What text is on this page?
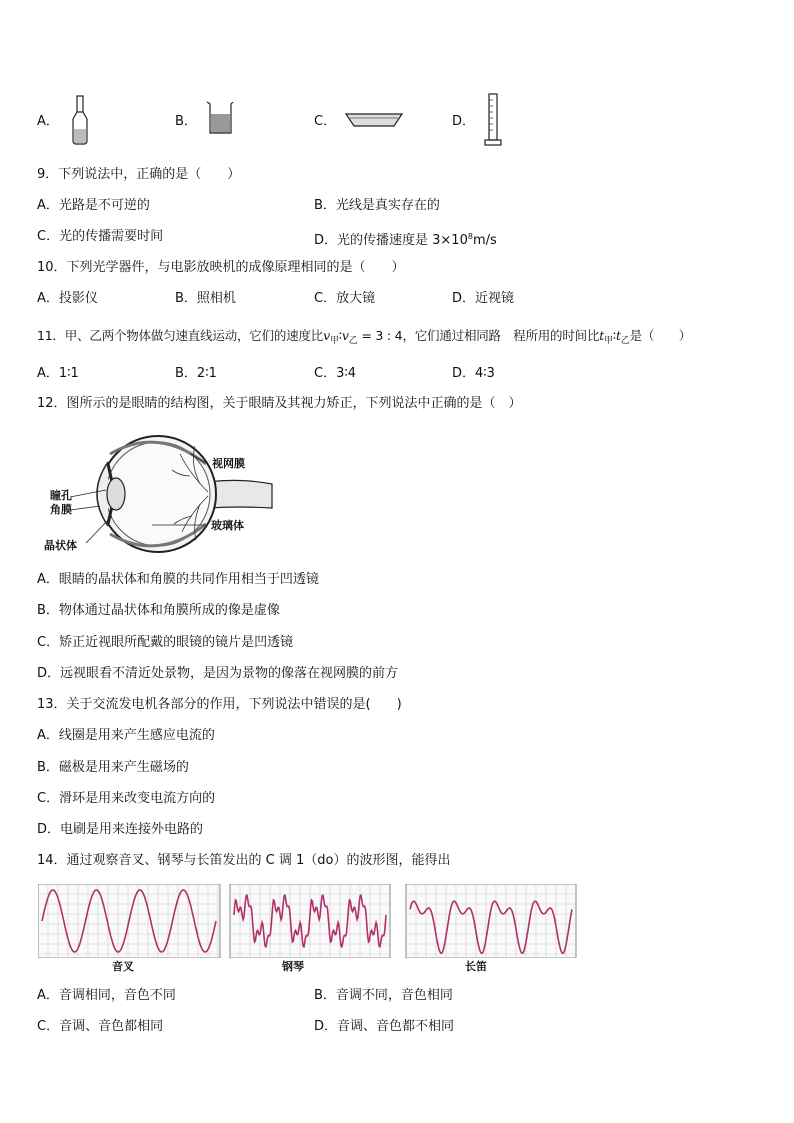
A．	B．	C．	D．
9．下列说法中，正确的是（　　）
A．光路是不可逆的	B．光线是真实存在的
C．光的传播需要时间	D．光的传播速度是 $3\times 10^8m/s$
10．下列光学器件，与电影放映机的成像原理相同的是（　　）
A．投影仪	B．照相机	C．放大镜	D．近视镜
11．甲、乙两个物体做匀速直线运动，它们的速度比$v_甲∶v_乙 = 3$ : 4，它们通过相同路　程所用的时间比$t_甲∶t_乙$是（　　）
A．1∶1	B．2∶1	C．3∶4	D．4∶3
12．图所示的是眼睛的结构图，关于眼睛及其视力矫正，下列说法中正确的是（　）
视网膜
瞳孔
角膜
玻璃体
晶状体
A．眼睛的晶状体和角膜的共同作用相当于凹透镜
B．物体通过晶状体和角膜所成的像是虚像
C．矫正近视眼所配戴的眼镜的镜片是凹透镜
D．远视眼看不清近处景物，是因为景物的像落在视网膜的前方
13．关于交流发电机各部分的作用，下列说法中错误的是(　　)
A．线圈是用来产生感应电流的
B．磁极是用来产生磁场的
C．滑环是用来改变电流方向的
D．电刷是用来连接外电路的
14．通过观察音叉、钢琴与长笛发出的 C 调 1（do）的波形图，能得出
音叉	钢琴	长笛
A．音调相同，音色不同	B．音调不同，音色相同
C．音调、音色都相同	D．音调、音色都不相同
